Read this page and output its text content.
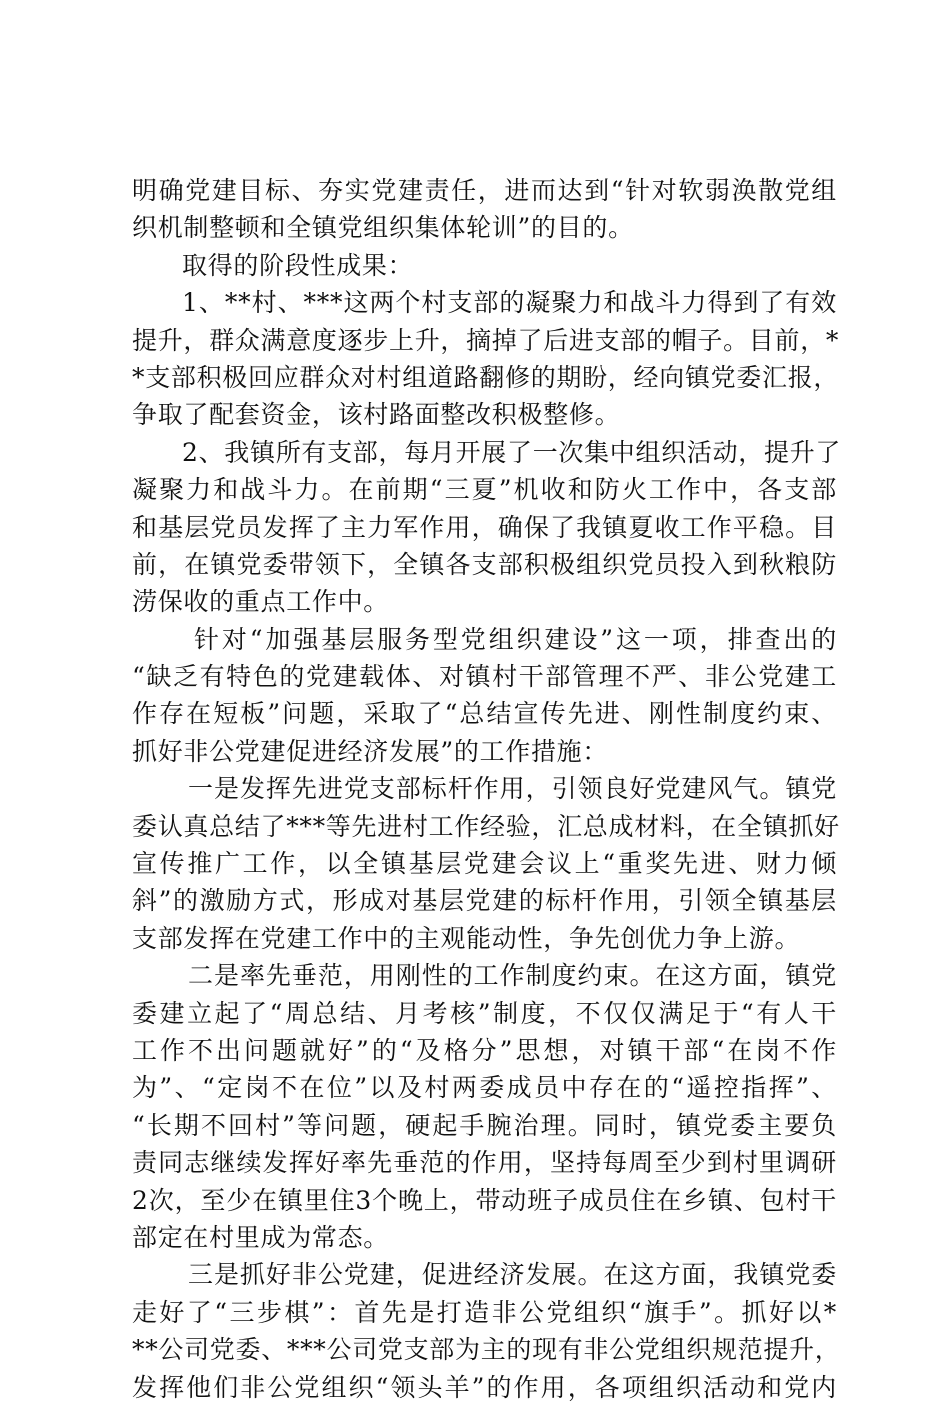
明确党建目标、夯实党建责任，进而达到“针对软弱涣散党组
织机制整顿和全镇党组织集体轮训”的目的。
取得的阶段性成果：
1、**村、***这两个村支部的凝聚力和战斗力得到了有效
提升，群众满意度逐步上升，摘掉了后进支部的帽子。目前，*
*支部积极回应群众对村组道路翻修的期盼，经向镇党委汇报，
争取了配套资金，该村路面整改积极整修。
2、我镇所有支部，每月开展了一次集中组织活动，提升了
凝聚力和战斗力。在前期“三夏”机收和防火工作中，各支部
和基层党员发挥了主力军作用，确保了我镇夏收工作平稳。目
前，在镇党委带领下，全镇各支部积极组织党员投入到秋粮防
涝保收的重点工作中。
针对“加强基层服务型党组织建设”这一项，排查出的
“缺乏有特色的党建载体、对镇村干部管理不严、非公党建工
作存在短板”问题，采取了“总结宣传先进、刚性制度约束、
抓好非公党建促进经济发展”的工作措施：
一是发挥先进党支部标杆作用，引领良好党建风气。镇党
委认真总结了***等先进村工作经验，汇总成材料，在全镇抓好
宣传推广工作，以全镇基层党建会议上“重奖先进、财力倾
斜”的激励方式，形成对基层党建的标杆作用，引领全镇基层
支部发挥在党建工作中的主观能动性，争先创优力争上游。
二是率先垂范，用刚性的工作制度约束。在这方面，镇党
委建立起了“周总结、月考核”制度，不仅仅满足于“有人干
工作不出问题就好”的“及格分”思想，对镇干部“在岗不作
为”、“定岗不在位”以及村两委成员中存在的“遥控指挥”、
“长期不回村”等问题，硬起手腕治理。同时，镇党委主要负
责同志继续发挥好率先垂范的作用，坚持每周至少到村里调研
2次，至少在镇里住3个晚上，带动班子成员住在乡镇、包村干
部定在村里成为常态。
三是抓好非公党建，促进经济发展。在这方面，我镇党委
走好了“三步棋”：首先是打造非公党组织“旗手”。抓好以*
**公司党委、***公司党支部为主的现有非公党组织规范提升，
发挥他们非公党组织“领头羊”的作用，各项组织活动和党内
